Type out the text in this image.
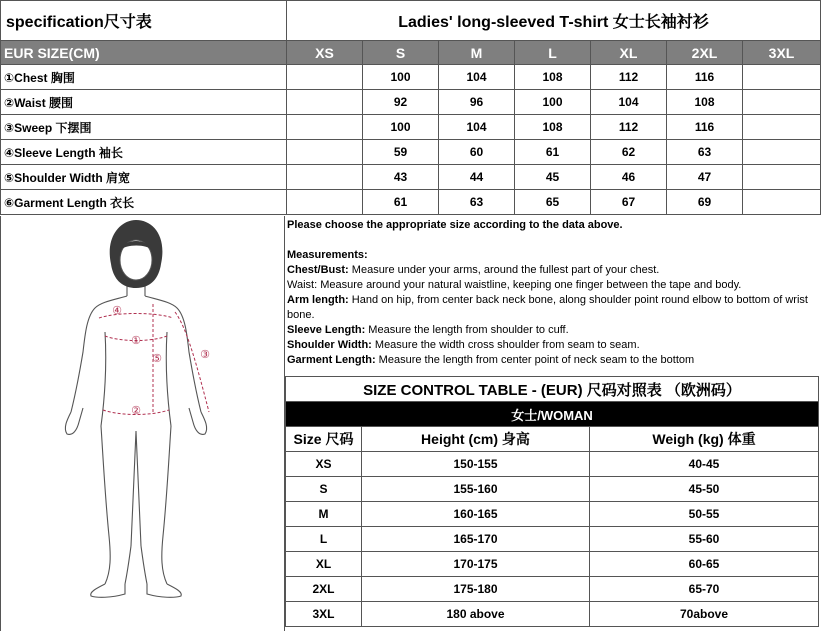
specification尺寸表	Ladies' long-sleeved T-shirt 女士长袖衬衫						
EUR SIZE(CM)	XS	S	M	L	XL	2XL	3XL
①Chest 胸围		100	104	108	112	116	
②Waist 腰围		92	96	100	104	108	
③Sweep 下摆围		100	104	108	112	116	
④Sleeve Length 袖长		59	60	61	62	63	
⑤Shoulder Width 肩宽		43	44	45	46	47	
⑥Garment Length 衣长		61	63	65	67	69	
①
②
③
④
⑤
Please choose the appropriate size according to the data above.
Measurements:
Chest/Bust: Measure under your arms, around the fullest part of your chest.
Waist: Measure around your natural waistline, keeping one finger between the tape and body.
Arm length: Hand on hip, from center back neck bone, along shoulder point round elbow to bottom of wrist bone.
Sleeve Length: Measure the length from shoulder to cuff.
Shoulder Width: Measure the width cross shoulder from seam to seam.
Garment Length: Measure the length from center point of neck seam to the bottom
SIZE CONTROL TABLE - (EUR) 尺码对照表 （欧洲码）		
女士/WOMAN		
Size 尺码	Height (cm) 身高	Weigh (kg) 体重
XS	150-155	40-45
S	155-160	45-50
M	160-165	50-55
L	165-170	55-60
XL	170-175	60-65
2XL	175-180	65-70
3XL	180 above	70above
